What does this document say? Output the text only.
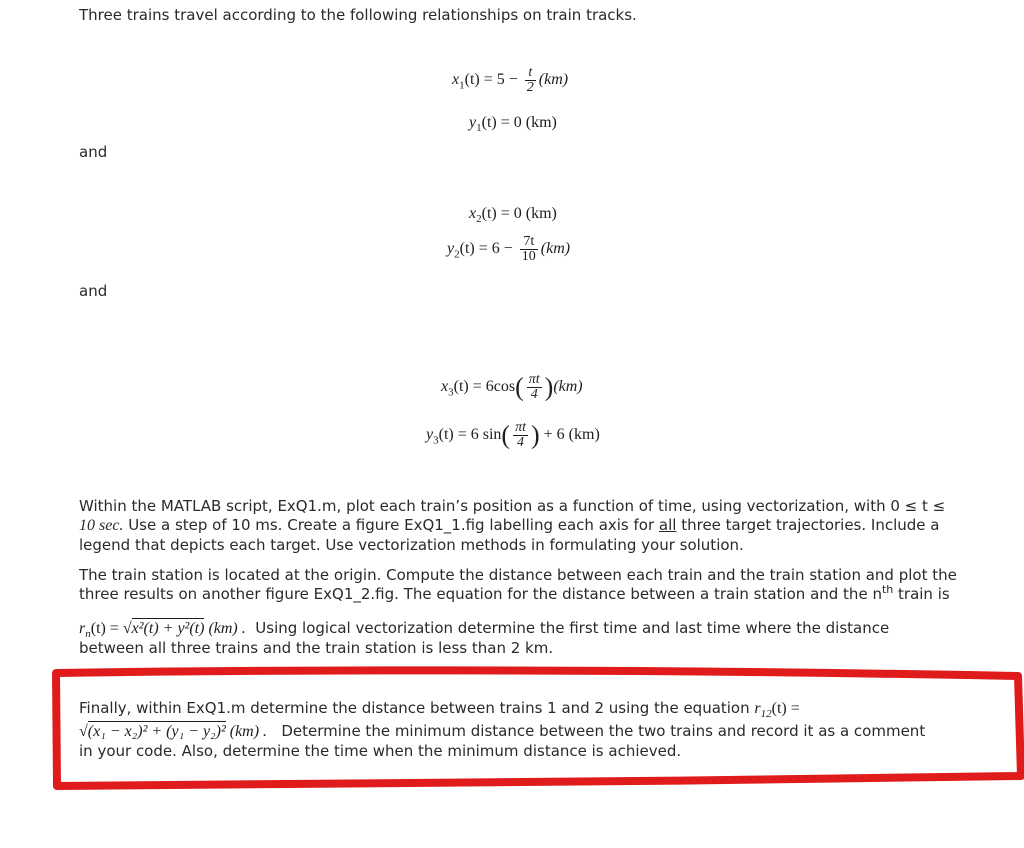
Three trains travel according to the following relationships on train tracks.
$x_1(t) = 5 - \frac{t}{2} (km)$
$y_1(t) = 0$ (km)
and
$x_2(t) = 0$ (km)
$y_2(t) = 6 - \frac{7t}{10} (km)$
and
$x_3(t) = 6\cos( \frac{\pi t}{4} )(km)$
$y_3(t) = 6$ $\sin( \frac{\pi t}{4}$ ) + 6 (km)
Within the MATLAB script, ExQ1.m, plot each train’s position as a function of time, using vectorization, with 0 ≤ t ≤
10 sec. Use a step of 10 ms. Create a figure ExQ1_1.fig labelling each axis for all three target trajectories. Include a
legend that depicts each target. Use vectorization methods in formulating your solution.
The train station is located at the origin. Compute the distance between each train and the train station and plot the
three results on another figure ExQ1_2.fig. The equation for the distance between a train station and the $n^{th}$ train is
$r_n(t) = √x^2(t) + y^2(t)$ (km) . Using logical vectorization determine the first time and last time where the distance
between all three trains and the train station is less than 2 km.
Finally, within ExQ1.m determine the distance between trains 1 and 2 using the equation $r_{12}(t)$ =
√(x₁ − x₂)² + (y₁ − y₂)² (km) . Determine the minimum distance between the two trains and record it as a comment
in your code. Also, determine the time when the minimum distance is achieved.
